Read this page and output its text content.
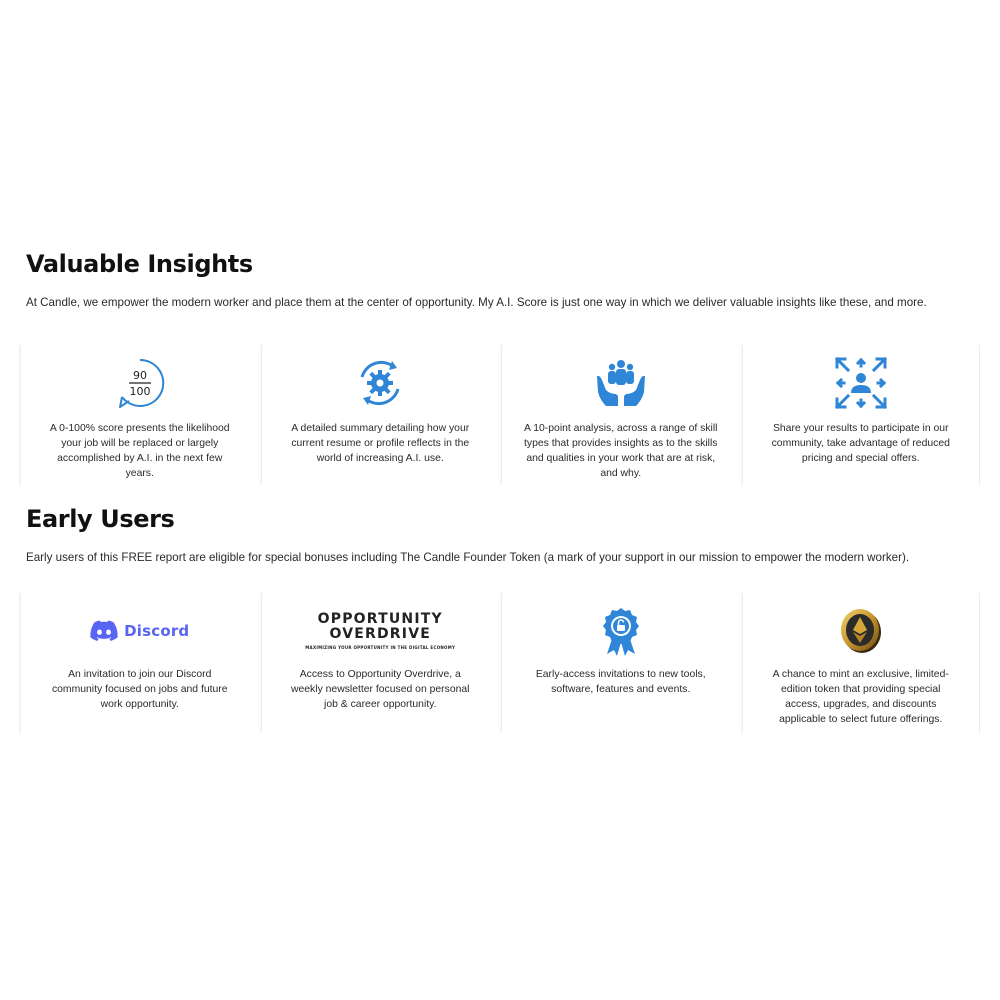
Valuable Insights

At Candle, we empower the modern worker and place them at the center of opportunity. My A.I. Score is just one way in which we deliver valuable insights like these, and more.

90
100
A 0-100% score presents the likelihood your job will be replaced or largely accomplished by A.I. in the next few years.
A detailed summary detailing how your current resume or profile reflects in the world of increasing A.I. use.
A 10-point analysis, across a range of skill types that provides insights as to the skills and qualities in your work that are at risk, and why.
Share your results to participate in our community, take advantage of reduced pricing and special offers.
Early Users

Early users of this FREE report are eligible for special bonuses including The Candle Founder Token (a mark of your support in our mission to empower the modern worker).

Discord
An invitation to join our Discord community focused on jobs and future work opportunity.
OPPORTUNITY
OVERDRIVE
MAXIMIZING YOUR OPPORTUNITY IN THE DIGITAL ECONOMY
Access to Opportunity Overdrive, a weekly newsletter focused on personal job & career opportunity.
Early-access invitations to new tools, software, features and events.
A chance to mint an exclusive, limited-edition token that providing special access, upgrades, and discounts applicable to select future offerings.
